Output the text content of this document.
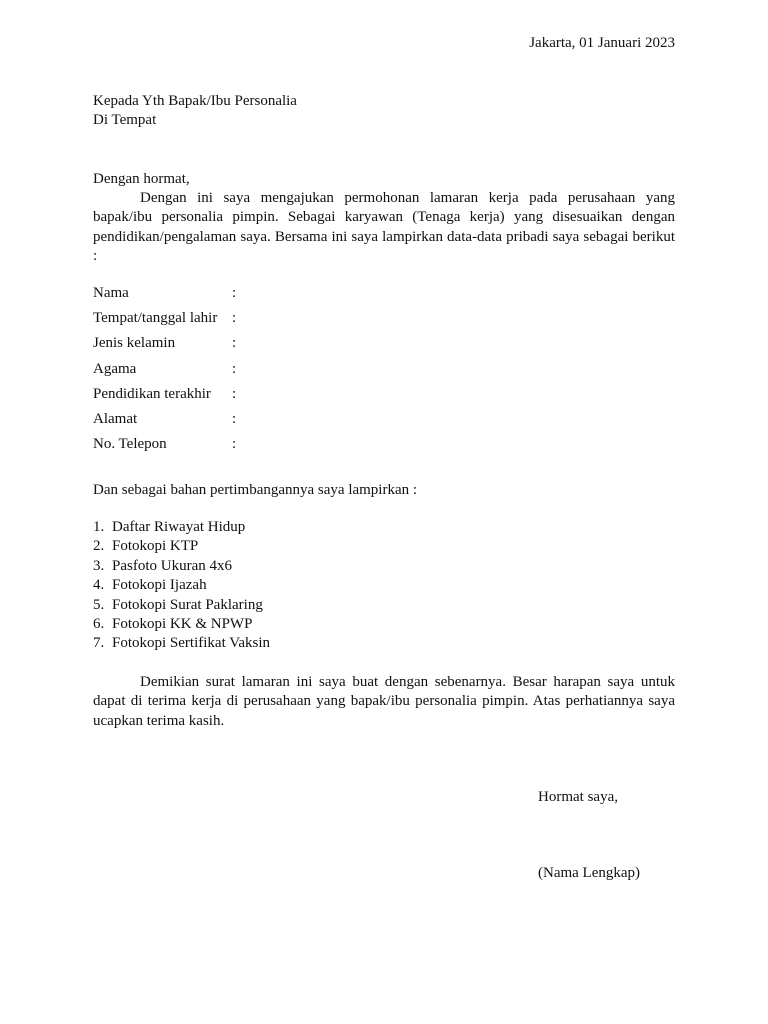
Jakarta, 01 Januari 2023
Kepada Yth Bapak/Ibu Personalia
Di Tempat
Dengan hormat,

Dengan ini saya mengajukan permohonan lamaran kerja pada perusahaan yang bapak/ibu personalia pimpin. Sebagai karyawan (Tenaga kerja) yang disesuaikan dengan pendidikan/pengalaman saya. Bersama ini saya lampirkan data-data pribadi saya sebagai berikut :

Nama	:
Tempat/tanggal lahir :
Jenis kelamin	:
Agama	:
Pendidikan terakhir	:
Alamat	:
No. Telepon	:
Dan sebagai bahan pertimbangannya saya lampirkan :
1. Daftar Riwayat Hidup
2. Fotokopi KTP
3. Pasfoto Ukuran 4x6
4. Fotokopi Ijazah
5. Fotokopi Surat Paklaring
6. Fotokopi KK & NPWP
7. Fotokopi Sertifikat Vaksin

Demikian surat lamaran ini saya buat dengan sebenarnya. Besar harapan saya untuk dapat di terima kerja di perusahaan yang bapak/ibu personalia pimpin. Atas perhatiannya saya ucapkan terima kasih.

Hormat saya,
(Nama Lengkap)
